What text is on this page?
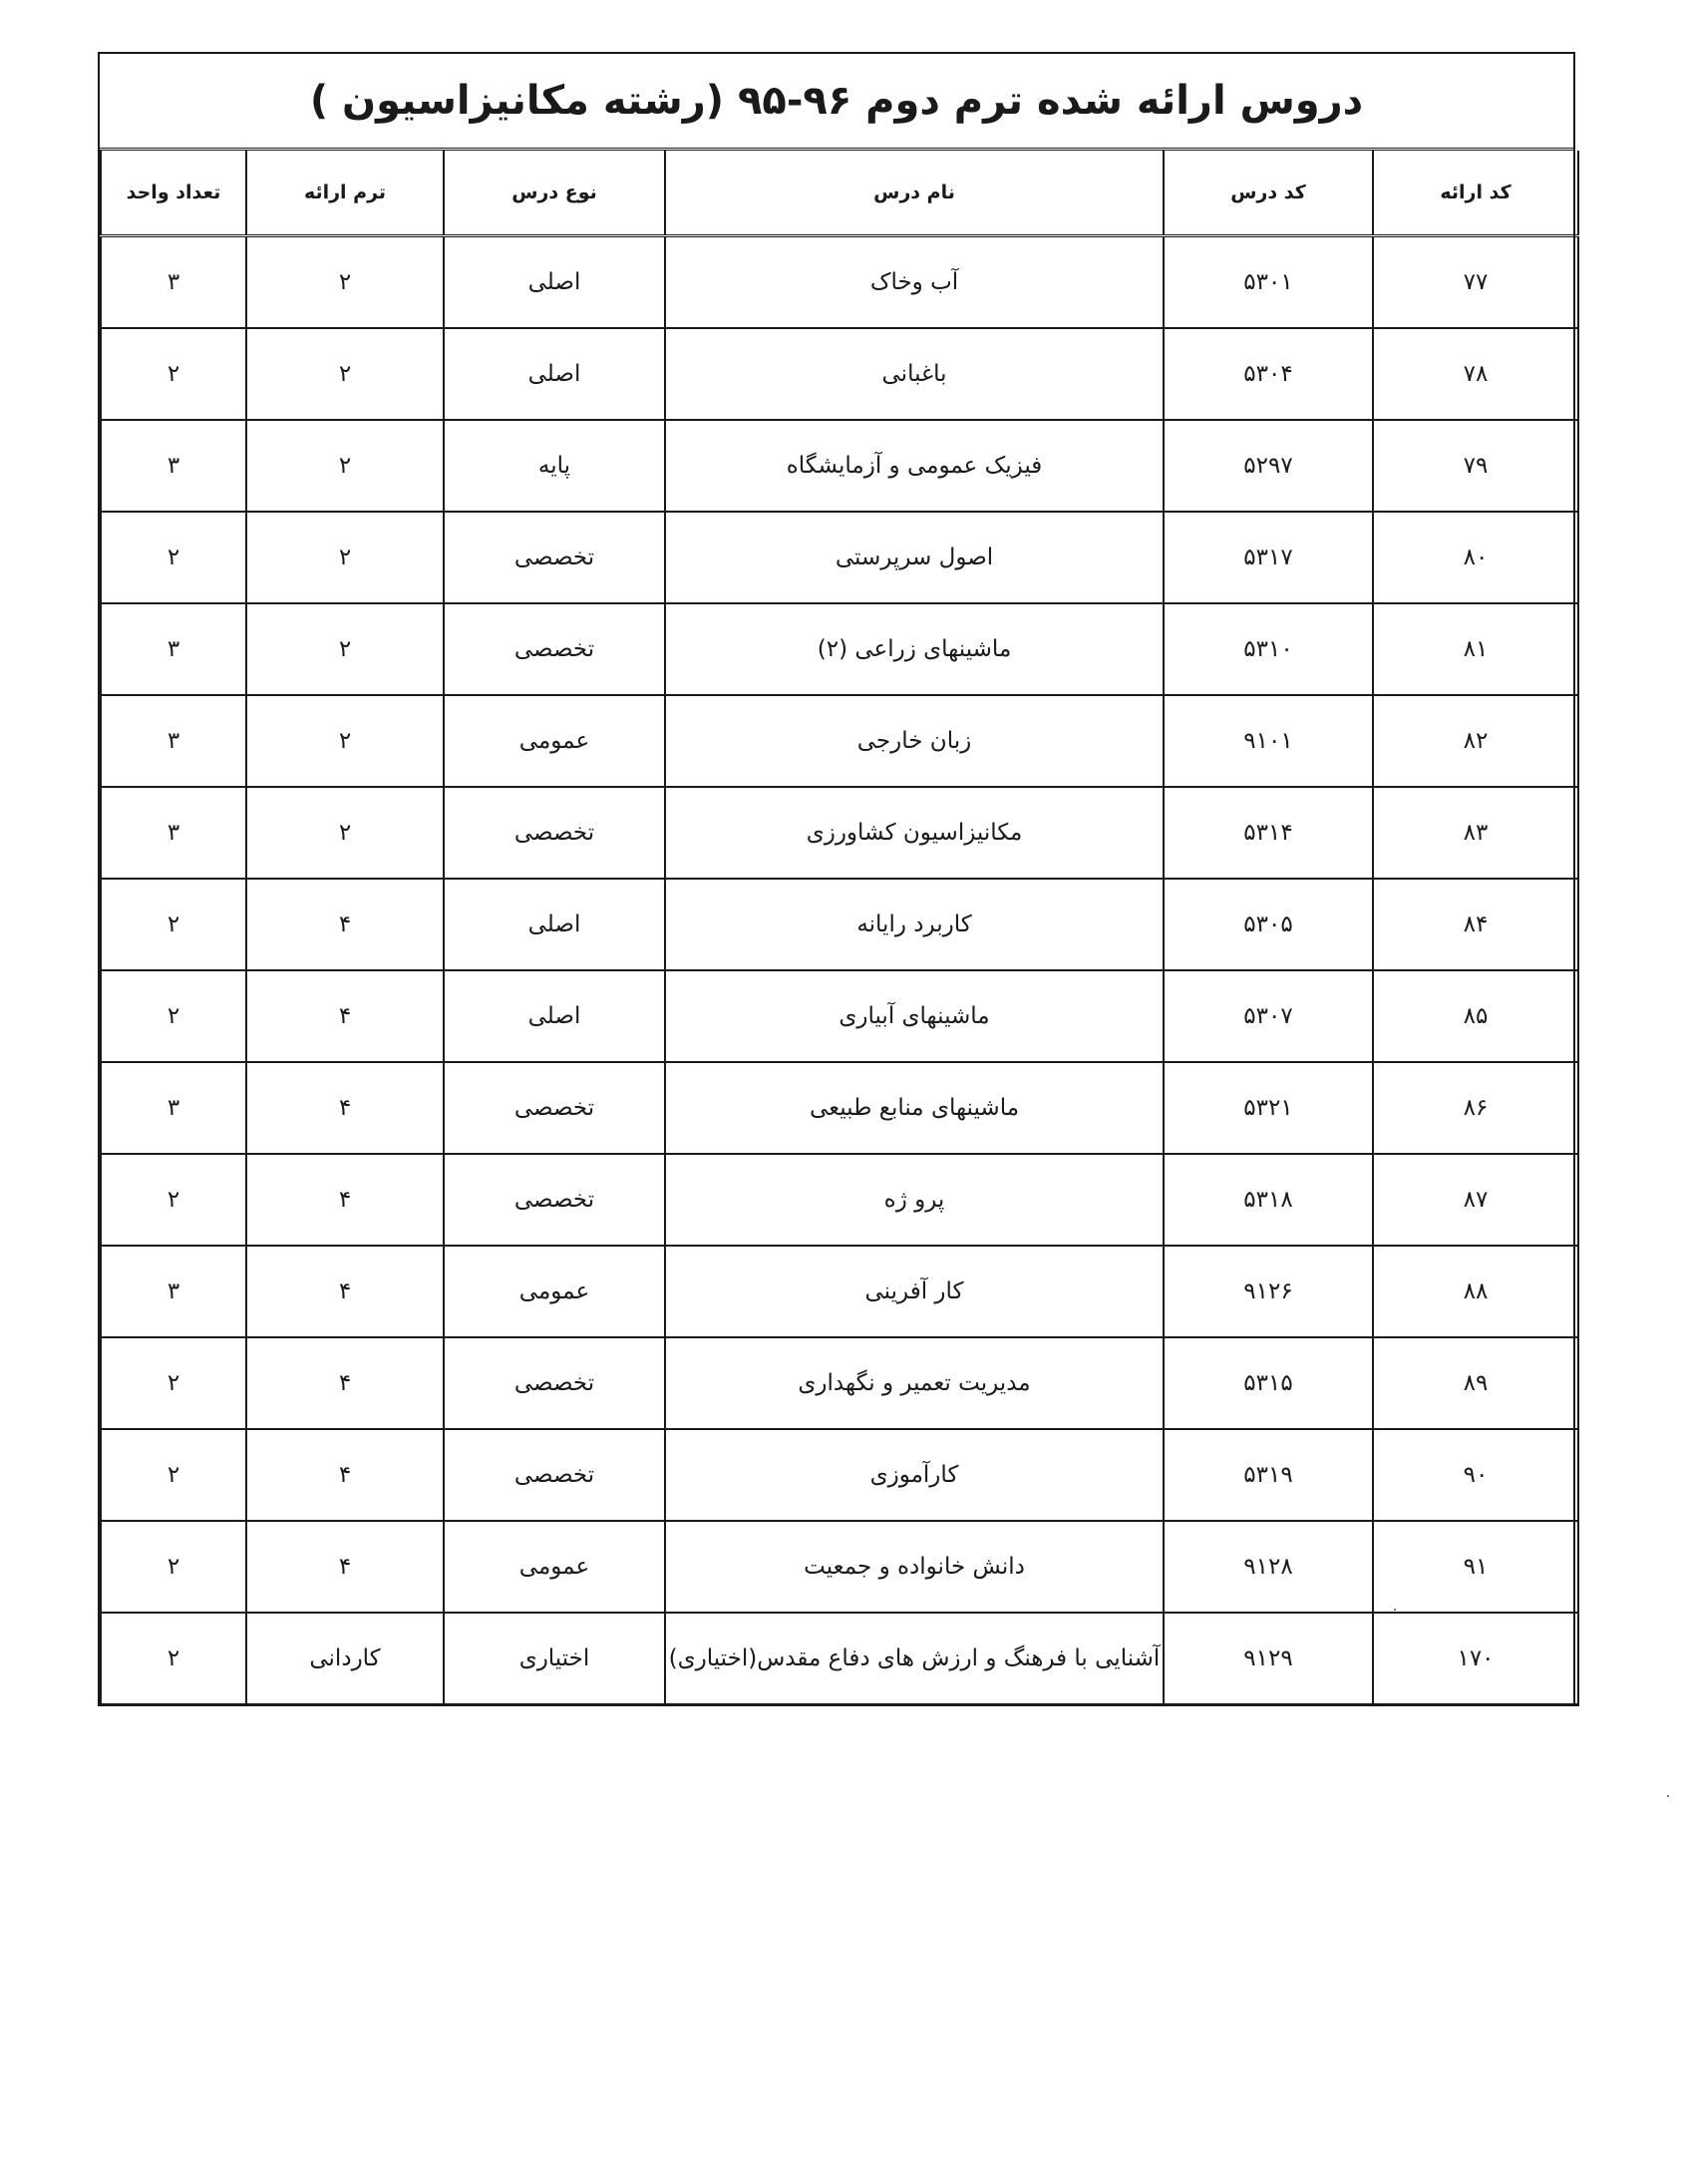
دروس ارائه شده ترم دوم ۹۶-۹۵ (رشته مکانیزاسیون )
کد ارائه	کد درس	نام درس	نوع درس	ترم ارائه	تعداد واحد
۷۷	۵۳۰۱	آب وخاک	اصلی	۲	۳
۷۸	۵۳۰۴	باغبانی	اصلی	۲	۲
۷۹	۵۲۹۷	فیزیک عمومی و آزمایشگاه	پایه	۲	۳
۸۰	۵۳۱۷	اصول سرپرستی	تخصصی	۲	۲
۸۱	۵۳۱۰	ماشینهای زراعی (۲)	تخصصی	۲	۳
۸۲	۹۱۰۱	زبان خارجی	عمومی	۲	۳
۸۳	۵۳۱۴	مکانیزاسیون کشاورزی	تخصصی	۲	۳
۸۴	۵۳۰۵	کاربرد رایانه	اصلی	۴	۲
۸۵	۵۳۰۷	ماشینهای آبیاری	اصلی	۴	۲
۸۶	۵۳۲۱	ماشینهای منابع طبیعی	تخصصی	۴	۳
۸۷	۵۳۱۸	پرو ژه	تخصصی	۴	۲
۸۸	۹۱۲۶	کار آفرینی	عمومی	۴	۳
۸۹	۵۳۱۵	مدیریت تعمیر و نگهداری	تخصصی	۴	۲
۹۰	۵۳۱۹	کارآموزی	تخصصی	۴	۲
۹۱	۹۱۲۸	دانش خانواده و جمعیت	عمومی	۴	۲
۱۷۰	۹۱۲۹	آشنایی با فرهنگ و ارزش های دفاع مقدس(اختیاری)	اختیاری	کاردانی	۲
